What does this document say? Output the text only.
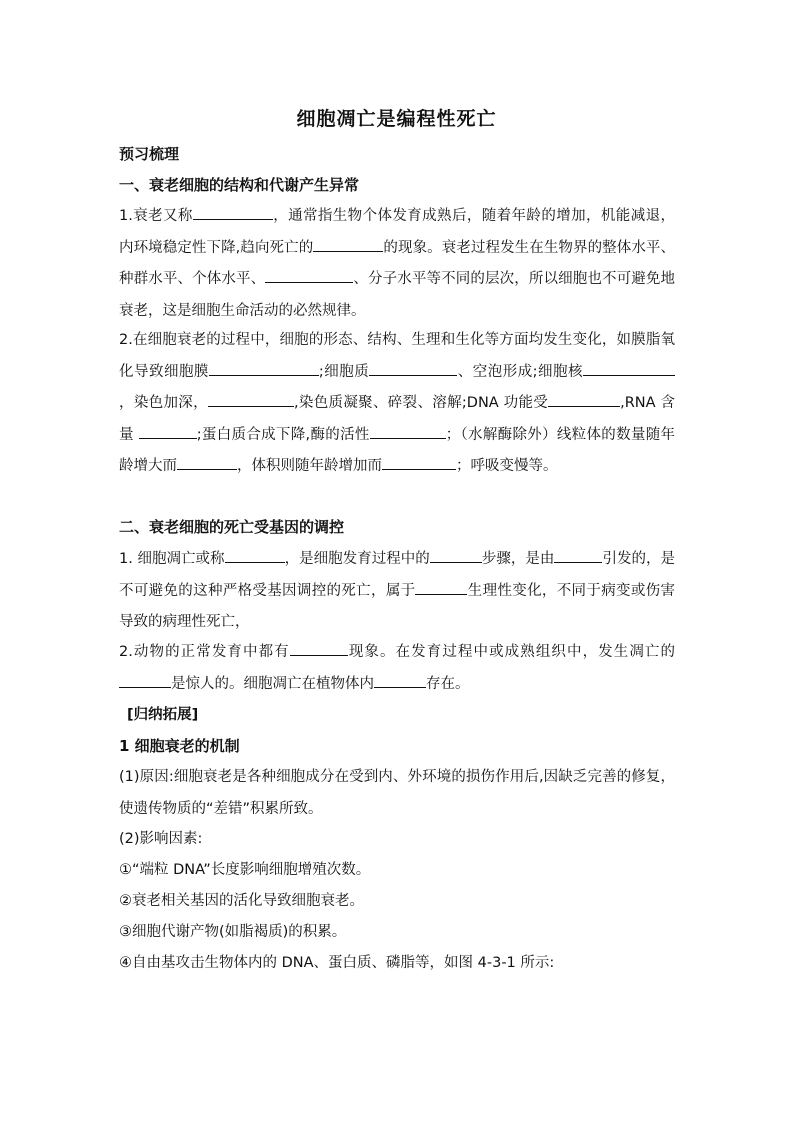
细胞凋亡是编程性死亡
预习梳理
一、衰老细胞的结构和代谢产生异常
1.衰老又称	，通常指生物个体发育成熟后，随着年龄的增加，机能减退，内环境稳定性下降,趋向死亡的	的现象。衰老过程发生在生物界的整体水平、种群水平、个体水平、	、分子水平等不同的层次，所以细胞也不可避免地衰老，这是细胞生命活动的必然规律。
2.在细胞衰老的过程中，细胞的形态、结构、生理和生化等方面均发生变化，如膜脂氧化导致细胞膜	;细胞质	、空泡形成;细胞核，染色加深，	,染色质凝聚、碎裂、溶解;DNA 功能受	,RNA 含量	;蛋白质合成下降,酶的活性	；（水解酶除外）线粒体的数量随年龄增大而	，体积则随年龄增加而	；呼吸变慢等。
二、衰老细胞的死亡受基因的调控
1. 细胞凋亡或称	，是细胞发育过程中的	步骤，是由	引发的，是不可避免的这种严格受基因调控的死亡，属于	生理性变化，不同于病变或伤害导致的病理性死亡，
2.动物的正常发育中都有	现象。在发育过程中或成熟组织中，发生凋亡的是惊人的。细胞凋亡在植物体内	存在。
[归纳拓展]
1 细胞衰老的机制
(1)原因:细胞衰老是各种细胞成分在受到内、外环境的损伤作用后,因缺乏完善的修复，使遗传物质的“差错”积累所致。
(2)影响因素:
①“端粒 DNA”长度影响细胞增殖次数。
②衰老相关基因的活化导致细胞衰老。
③细胞代谢产物(如脂褐质)的积累。
④自由基攻击生物体内的 DNA、蛋白质、磷脂等，如图 4-3-1 所示:
